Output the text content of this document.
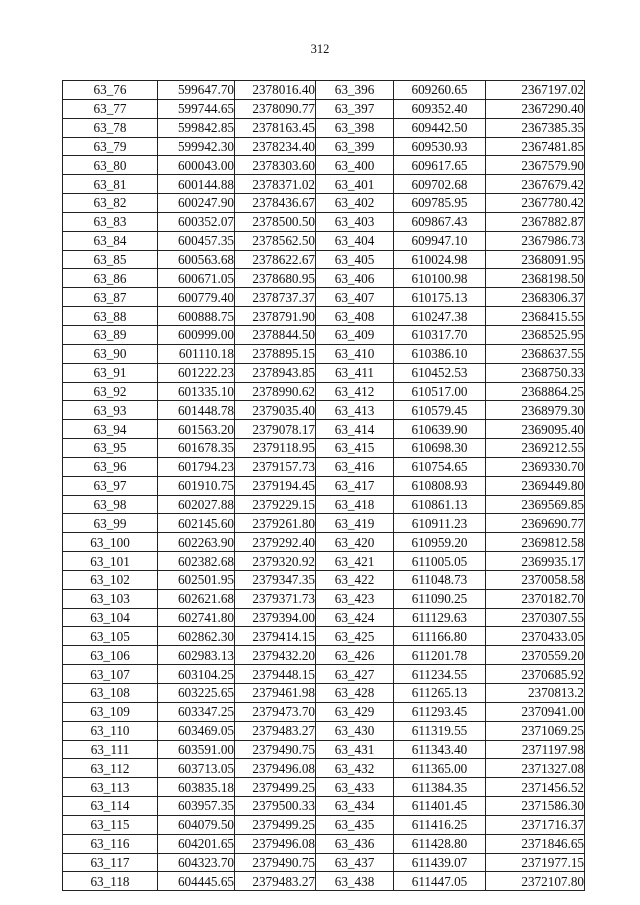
312
63_76	599647.70	2378016.40	63_396	609260.65	2367197.02
63_77	599744.65	2378090.77	63_397	609352.40	2367290.40
63_78	599842.85	2378163.45	63_398	609442.50	2367385.35
63_79	599942.30	2378234.40	63_399	609530.93	2367481.85
63_80	600043.00	2378303.60	63_400	609617.65	2367579.90
63_81	600144.88	2378371.02	63_401	609702.68	2367679.42
63_82	600247.90	2378436.67	63_402	609785.95	2367780.42
63_83	600352.07	2378500.50	63_403	609867.43	2367882.87
63_84	600457.35	2378562.50	63_404	609947.10	2367986.73
63_85	600563.68	2378622.67	63_405	610024.98	2368091.95
63_86	600671.05	2378680.95	63_406	610100.98	2368198.50
63_87	600779.40	2378737.37	63_407	610175.13	2368306.37
63_88	600888.75	2378791.90	63_408	610247.38	2368415.55
63_89	600999.00	2378844.50	63_409	610317.70	2368525.95
63_90	601110.18	2378895.15	63_410	610386.10	2368637.55
63_91	601222.23	2378943.85	63_411	610452.53	2368750.33
63_92	601335.10	2378990.62	63_412	610517.00	2368864.25
63_93	601448.78	2379035.40	63_413	610579.45	2368979.30
63_94	601563.20	2379078.17	63_414	610639.90	2369095.40
63_95	601678.35	2379118.95	63_415	610698.30	2369212.55
63_96	601794.23	2379157.73	63_416	610754.65	2369330.70
63_97	601910.75	2379194.45	63_417	610808.93	2369449.80
63_98	602027.88	2379229.15	63_418	610861.13	2369569.85
63_99	602145.60	2379261.80	63_419	610911.23	2369690.77
63_100	602263.90	2379292.40	63_420	610959.20	2369812.58
63_101	602382.68	2379320.92	63_421	611005.05	2369935.17
63_102	602501.95	2379347.35	63_422	611048.73	2370058.58
63_103	602621.68	2379371.73	63_423	611090.25	2370182.70
63_104	602741.80	2379394.00	63_424	611129.63	2370307.55
63_105	602862.30	2379414.15	63_425	611166.80	2370433.05
63_106	602983.13	2379432.20	63_426	611201.78	2370559.20
63_107	603104.25	2379448.15	63_427	611234.55	2370685.92
63_108	603225.65	2379461.98	63_428	611265.13	2370813.2
63_109	603347.25	2379473.70	63_429	611293.45	2370941.00
63_110	603469.05	2379483.27	63_430	611319.55	2371069.25
63_111	603591.00	2379490.75	63_431	611343.40	2371197.98
63_112	603713.05	2379496.08	63_432	611365.00	2371327.08
63_113	603835.18	2379499.25	63_433	611384.35	2371456.52
63_114	603957.35	2379500.33	63_434	611401.45	2371586.30
63_115	604079.50	2379499.25	63_435	611416.25	2371716.37
63_116	604201.65	2379496.08	63_436	611428.80	2371846.65
63_117	604323.70	2379490.75	63_437	611439.07	2371977.15
63_118	604445.65	2379483.27	63_438	611447.05	2372107.80
